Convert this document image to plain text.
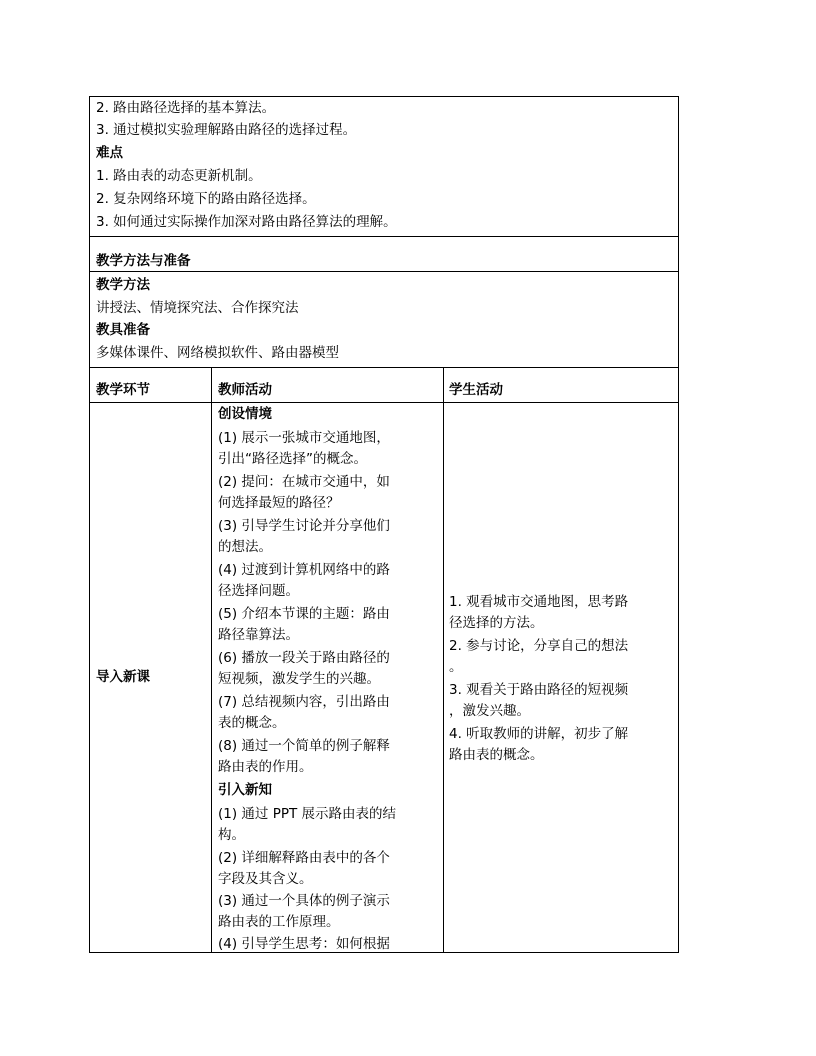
2. 路由路径选择的基本算法。
3. 通过模拟实验理解路由路径的选择过程。
难点
1. 路由表的动态更新机制。
2. 复杂网络环境下的路由路径选择。
3. 如何通过实际操作加深对路由路径算法的理解。
教学方法与准备
教学方法
讲授法、情境探究法、合作探究法
教具准备
多媒体课件、网络模拟软件、路由器模型
教学环节	教师活动	学生活动
导入新课
创设情境
(1) 展示一张城市交通地图，
引出“路径选择”的概念。
(2) 提问：在城市交通中，如
何选择最短的路径？
(3) 引导学生讨论并分享他们
的想法。
(4) 过渡到计算机网络中的路
径选择问题。
(5) 介绍本节课的主题：路由
路径靠算法。
(6) 播放一段关于路由路径的
短视频，激发学生的兴趣。
(7) 总结视频内容，引出路由
表的概念。
(8) 通过一个简单的例子解释
路由表的作用。
引入新知
(1) 通过 PPT 展示路由表的结
构。
(2) 详细解释路由表中的各个
字段及其含义。
(3) 通过一个具体的例子演示
路由表的工作原理。
(4) 引导学生思考：如何根据
1. 观看城市交通地图，思考路
径选择的方法。
2. 参与讨论，分享自己的想法
。
3. 观看关于路由路径的短视频
，激发兴趣。
4. 听取教师的讲解，初步了解
路由表的概念。
